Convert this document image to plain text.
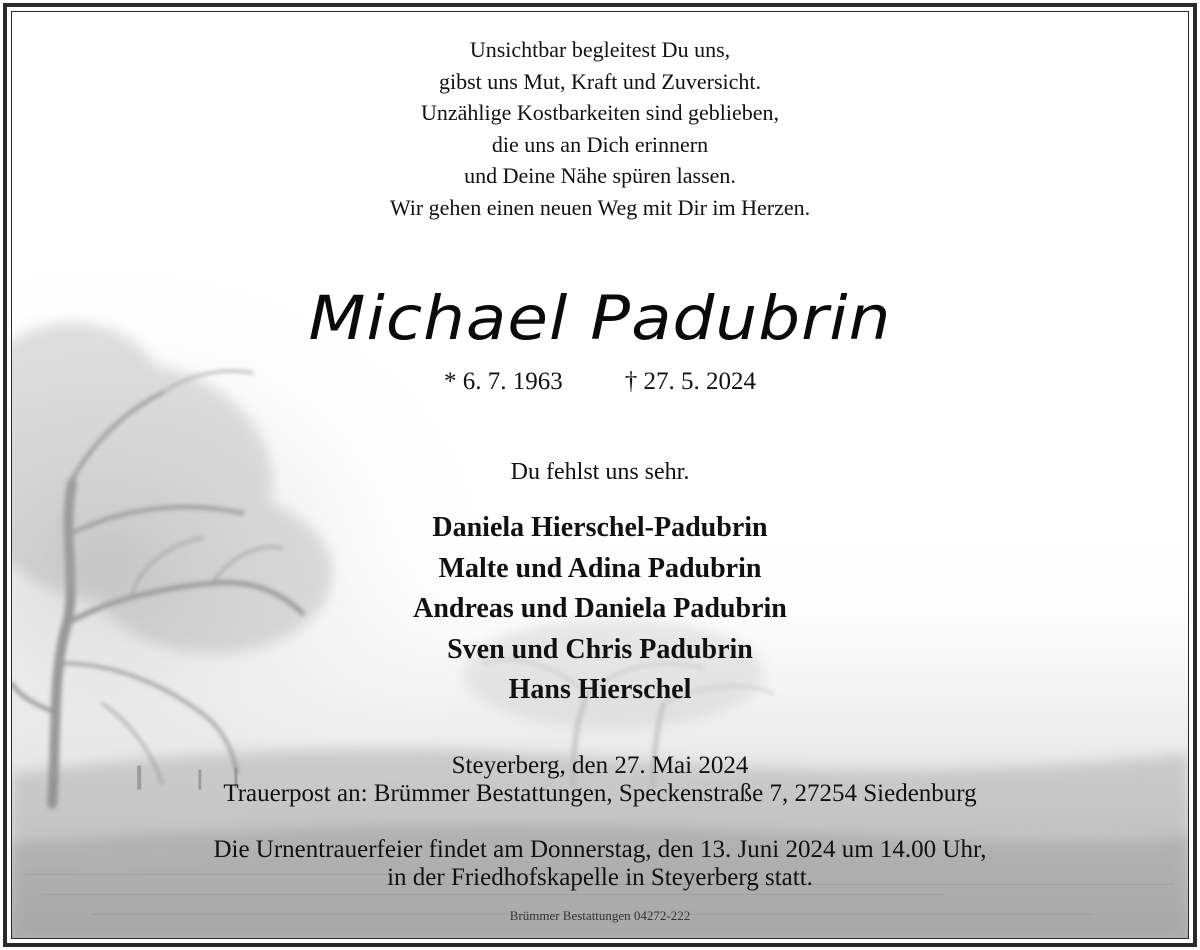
Unsichtbar begleitest Du uns,
gibst uns Mut, Kraft und Zuversicht.
Unzählige Kostbarkeiten sind geblieben,
die uns an Dich erinnern
und Deine Nähe spüren lassen.
Wir gehen einen neuen Weg mit Dir im Herzen.
Michael Padubrin
* 6. 7. 1963 † 27. 5. 2024
Du fehlst uns sehr.
Daniela Hierschel-Padubrin
Malte und Adina Padubrin
Andreas und Daniela Padubrin
Sven und Chris Padubrin
Hans Hierschel
Steyerberg, den 27. Mai 2024
Trauerpost an: Brümmer Bestattungen, Speckenstraße 7, 27254 Siedenburg
Die Urnentrauerfeier findet am Donnerstag, den 13. Juni 2024 um 14.00 Uhr,
in der Friedhofskapelle in Steyerberg statt.
Brümmer Bestattungen 04272-222
